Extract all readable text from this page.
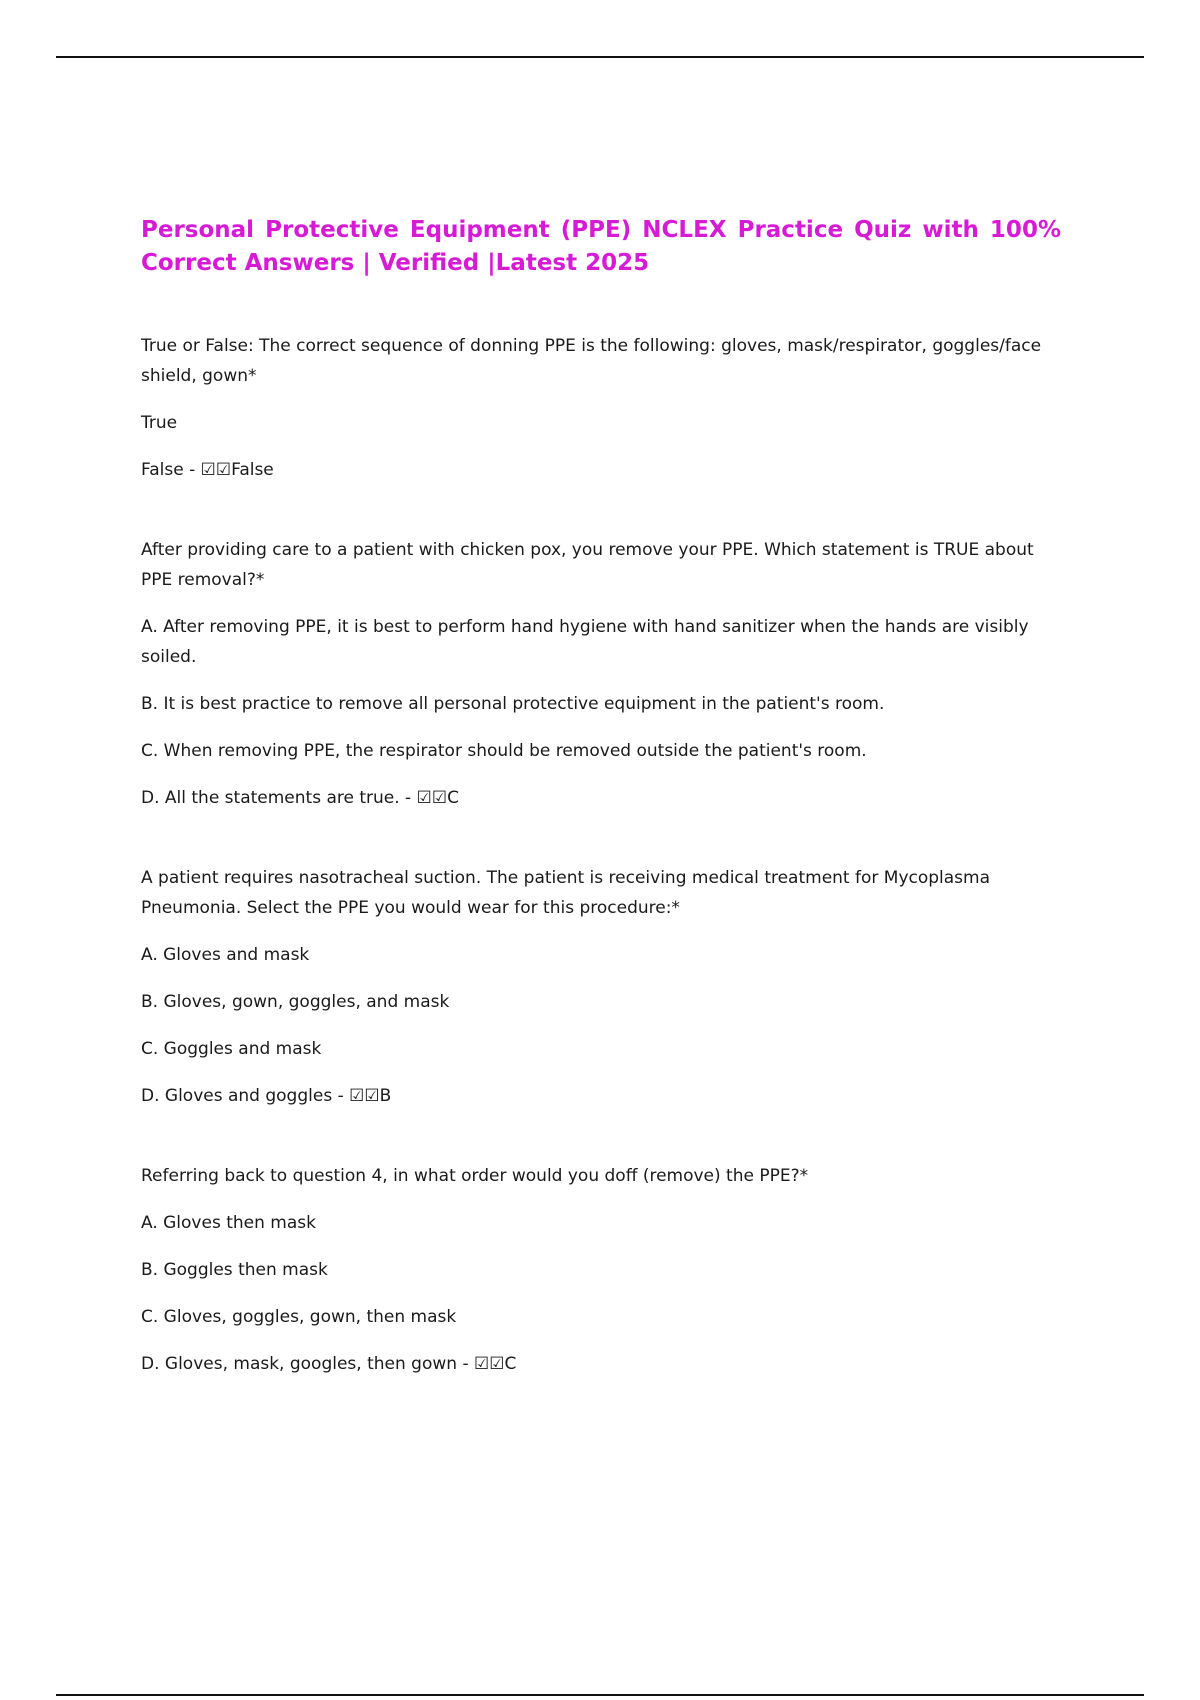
Personal Protective Equipment (PPE) NCLEX Practice Quiz with 100% Correct Answers | Verified |Latest 2025

True or False: The correct sequence of donning PPE is the following: gloves, mask/respirator, goggles/face shield, gown*

True

False - ☑☑False

After providing care to a patient with chicken pox, you remove your PPE. Which statement is TRUE about PPE removal?*

A. After removing PPE, it is best to perform hand hygiene with hand sanitizer when the hands are visibly soiled.

B. It is best practice to remove all personal protective equipment in the patient's room.

C. When removing PPE, the respirator should be removed outside the patient's room.

D. All the statements are true. - ☑☑C

A patient requires nasotracheal suction. The patient is receiving medical treatment for Mycoplasma Pneumonia. Select the PPE you would wear for this procedure:*

A. Gloves and mask

B. Gloves, gown, goggles, and mask

C. Goggles and mask

D. Gloves and goggles - ☑☑B

Referring back to question 4, in what order would you doff (remove) the PPE?*

A. Gloves then mask

B. Goggles then mask

C. Gloves, goggles, gown, then mask

D. Gloves, mask, googles, then gown - ☑☑C
